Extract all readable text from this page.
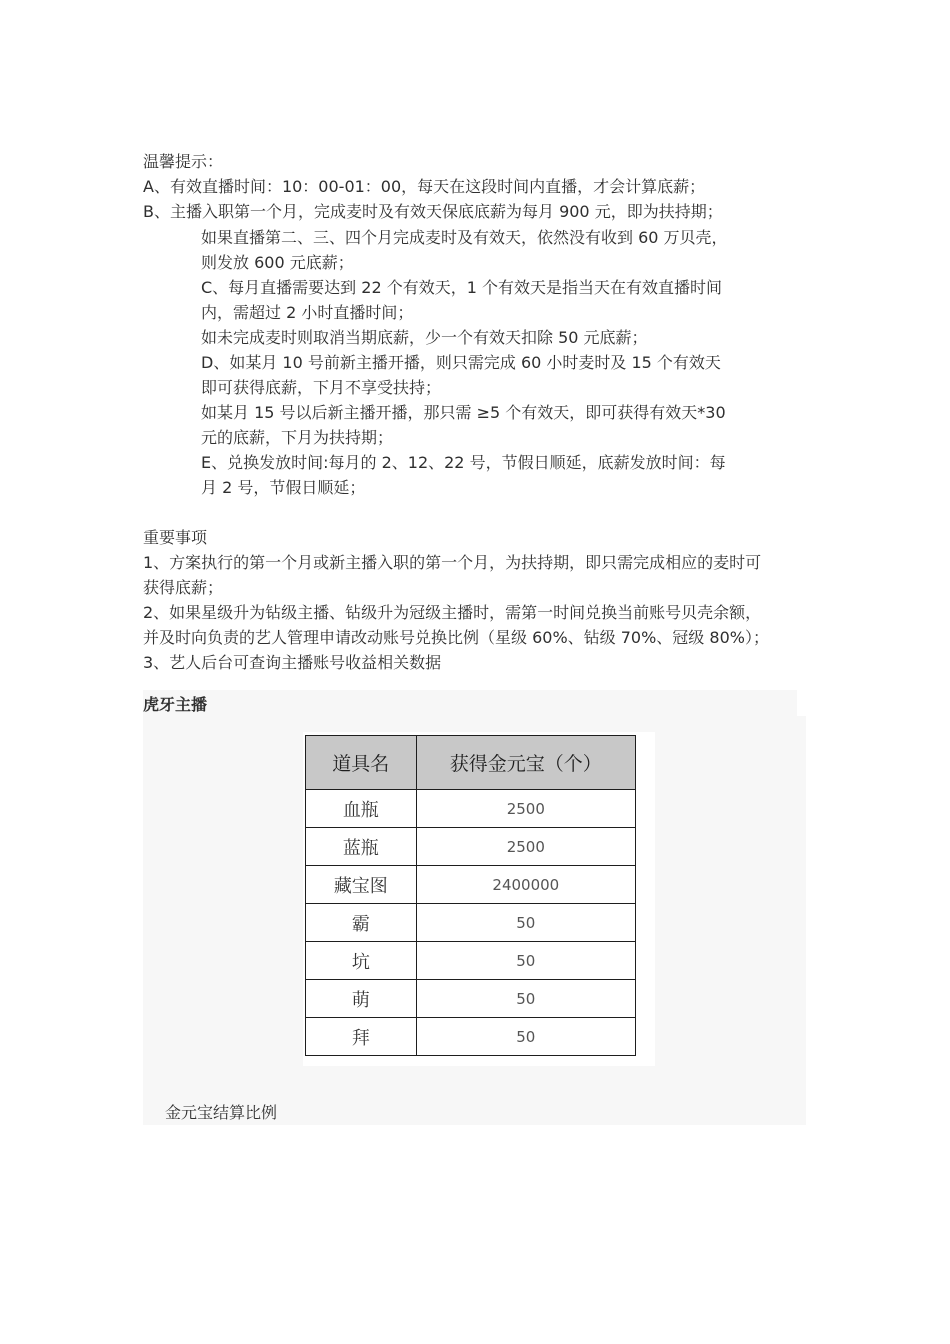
温馨提示：

A、有效直播时间：10：00-01：00，每天在这段时间内直播，才会计算底薪；

B、主播入职第一个月，完成麦时及有效天保底底薪为每月 900 元，即为扶持期；

如果直播第二、三、四个月完成麦时及有效天，依然没有收到 60 万贝壳，

则发放 600 元底薪；

C、每月直播需要达到 22 个有效天，1 个有效天是指当天在有效直播时间

内，需超过 2 小时直播时间；

如未完成麦时则取消当期底薪，少一个有效天扣除 50 元底薪；

D、如某月 10 号前新主播开播，则只需完成 60 小时麦时及 15 个有效天

即可获得底薪，下月不享受扶持；

如某月 15 号以后新主播开播，那只需 ≥5 个有效天，即可获得有效天*30

元的底薪，下月为扶持期；

E、兑换发放时间:每月的 2、12、22 号，节假日顺延，底薪发放时间：每

月 2 号，节假日顺延；

重要事项

1、方案执行的第一个月或新主播入职的第一个月，为扶持期，即只需完成相应的麦时可

获得底薪；

2、如果星级升为钻级主播、钻级升为冠级主播时，需第一时间兑换当前账号贝壳余额，

并及时向负责的艺人管理申请改动账号兑换比例（星级 60%、钻级 70%、冠级 80%）；

3、艺人后台可查询主播账号收益相关数据

虎牙主播

道具名	获得金元宝（个）
血瓶	2500
蓝瓶	2500
藏宝图	2400000
霸	50
坑	50
萌	50
拜	50

金元宝结算比例
